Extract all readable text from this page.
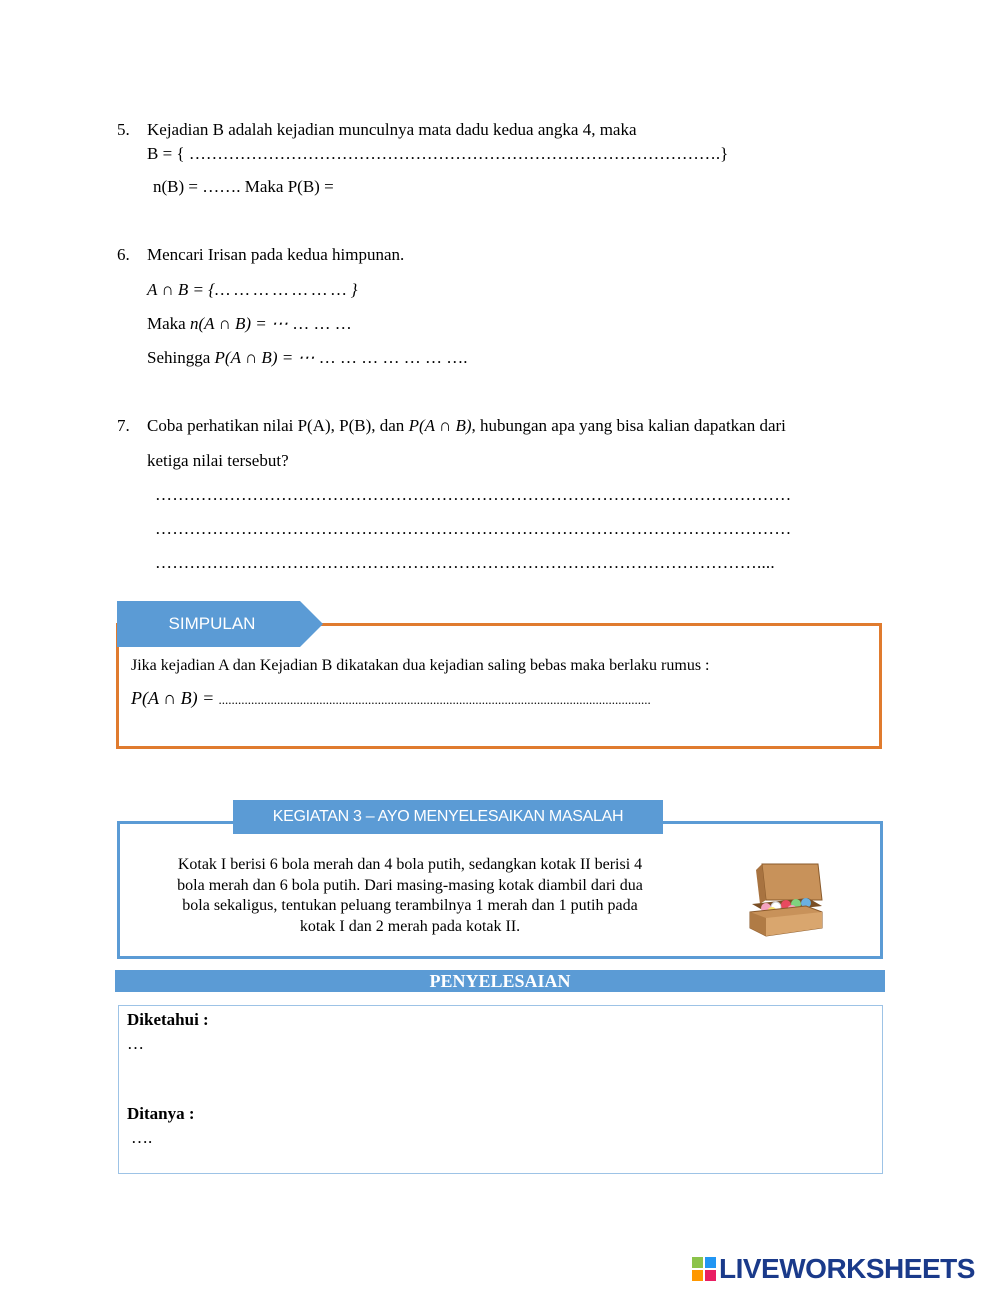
5. Kejadian B adalah kejadian munculnya mata dadu kedua angka 4, maka
B = { ………………………………………………………………………………….}
n(B) = ……. Maka P(B) =
6. Mencari Irisan pada kedua himpunan.
A ∩ B = {… … … … … … … }
Maka n(A ∩ B) = ⋯ … … …
Sehingga P(A ∩ B) = ⋯ … … … … … … ….
7. Coba perhatikan nilai P(A), P(B), dan P(A ∩ B), hubungan apa yang bisa kalian dapatkan dari
ketiga nilai tersebut?
…………………………………………………………………………………………………
…………………………………………………………………………………………………
……………………………………………………………………………………………....
SIMPULAN
Jika kejadian A dan Kejadian B dikatakan dua kejadian saling bebas maka berlaku rumus :
P(A ∩ B) = .....................................................................................................................................
KEGIATAN 3 – AYO MENYELESAIKAN MASALAH
Kotak I berisi 6 bola merah dan 4 bola putih, sedangkan kotak II berisi 4
bola merah dan 6 bola putih. Dari masing-masing kotak diambil dari dua
bola sekaligus, tentukan peluang terambilnya 1 merah dan 1 putih pada
kotak I dan 2 merah pada kotak II.
PENYELESAIAN
Diketahui :
…
Ditanya :
….
LIVEWORKSHEETS
